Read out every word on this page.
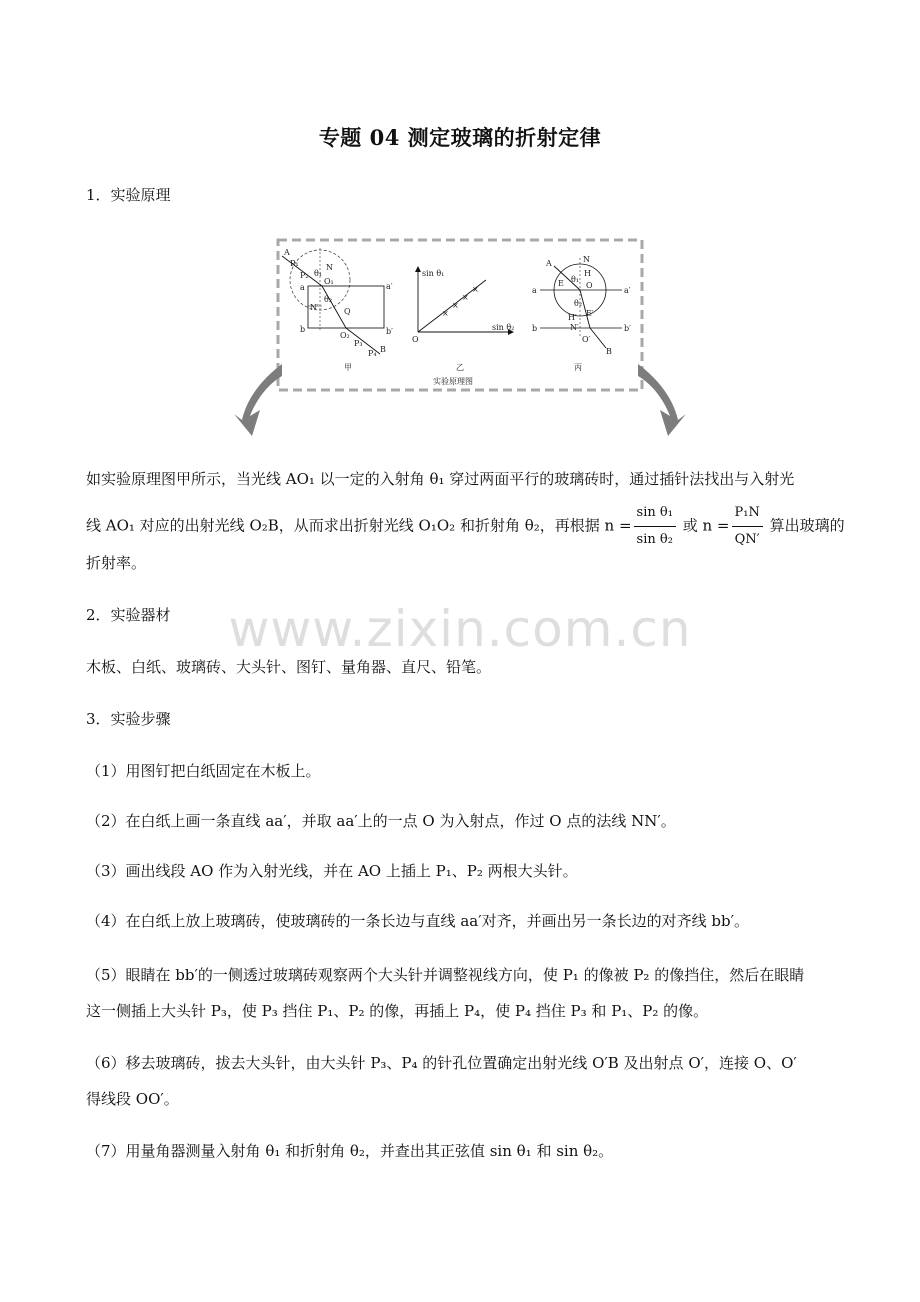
专题 04 测定玻璃的折射定律
1．实验原理
A
P₁
P₂
N
θ₁
O₁
a	a′
N′
θ₂
Q
b	b′
O₂
P₃
P₄ B
甲
×
×
×
×
sin θ₁
sin θ₂
O
乙
A	N
E
H
θ₁
O
a	a′
θ₂
E′
H′
N′
b	b′
O′
B
丙
实验原理图
如实验原理图甲所示，当光线 AO₁ 以一定的入射角 θ₁ 穿过两面平行的玻璃砖时，通过插针法找出与入射光
线 AO₁ 对应的出射光线 O₂B，从而求出折射光线 O₁O₂ 和折射角 θ₂，再根据 $n = \frac{\text{sin θ₁}}{\text{sin θ₂}}$ 或 $n = \frac{\text{P₁N}}{QN'}$ 算出玻璃的
折射率。
2．实验器材
木板、白纸、玻璃砖、大头针、图钉、量角器、直尺、铅笔。
3．实验步骤
（1）用图钉把白纸固定在木板上。
（2）在白纸上画一条直线 aa′，并取 aa′上的一点 O 为入射点，作过 O 点的法线 NN′。
（3）画出线段 AO 作为入射光线，并在 AO 上插上 P₁、P₂ 两根大头针。
（4）在白纸上放上玻璃砖，使玻璃砖的一条长边与直线 aa′对齐，并画出另一条长边的对齐线 bb′。
（5）眼睛在 bb′的一侧透过玻璃砖观察两个大头针并调整视线方向，使 P₁ 的像被 P₂ 的像挡住，然后在眼睛
这一侧插上大头针 P₃，使 P₃ 挡住 P₁、P₂ 的像，再插上 P₄，使 P₄ 挡住 P₃ 和 P₁、P₂ 的像。
（6）移去玻璃砖，拔去大头针，由大头针 P₃、P₄ 的针孔位置确定出射光线 O′B 及出射点 O′，连接 O、O′
得线段 OO′。
（7）用量角器测量入射角 θ₁ 和折射角 θ₂，并查出其正弦值 sin θ₁ 和 sin θ₂。
www.zixin.com.cn
